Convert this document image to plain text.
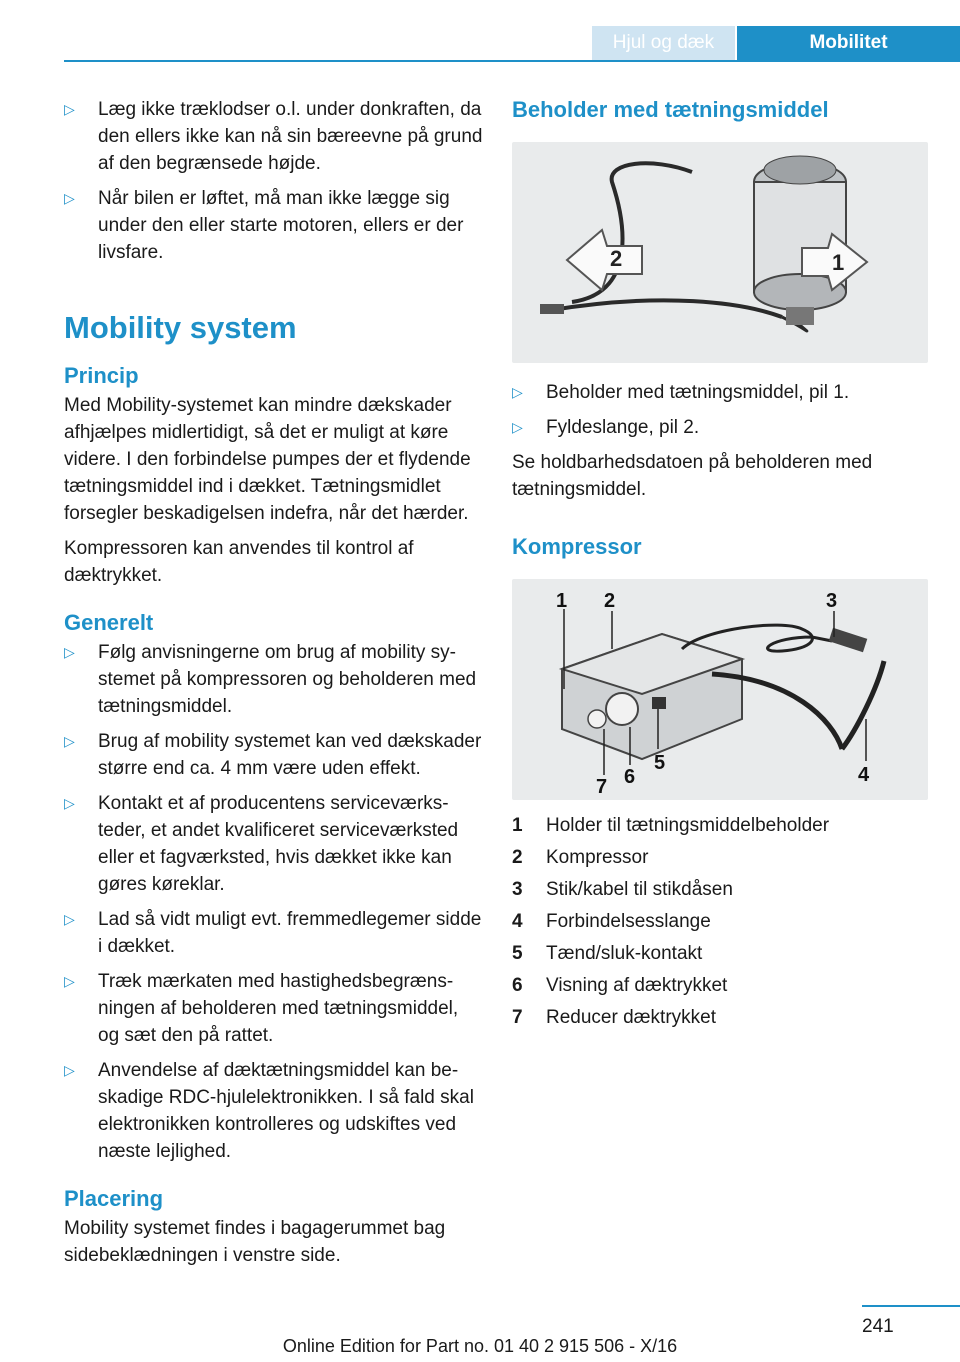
Hjul og dæk	Mobilitet
▷
Læg ikke træklodser o.l. under donkraften, da den ellers ikke kan nå sin bæreevne på grund af den begrænsede højde.
▷
Når bilen er løftet, må man ikke lægge sig under den eller starte motoren, ellers er der livsfare.
Mobility system
Princip

Med Mobility-systemet kan mindre dækskader afhjælpes midlertidigt, så det er muligt at køre videre. I den forbindelse pumpes der et flydende tætningsmiddel ind i dækket. Tætningsmidlet forsegler beskadigelsen indefra, når det hærder.

Kompressoren kan anvendes til kontrol af dæktrykket.

Generelt
▷
Følg anvisningerne om brug af mobility systemet på kompressoren og beholderen med tætningsmiddel.
▷
Brug af mobility systemet kan ved dækskader større end ca. 4 mm være uden effekt.
▷
Kontakt et af producentens serviceværksteder, et andet kvalificeret serviceværksted eller et fagværksted, hvis dækket ikke kan gøres køreklar.
▷
Lad så vidt muligt evt. fremmedlegemer sidde i dækket.
▷
Træk mærkaten med hastighedsbegrænsningen af beholderen med tætningsmiddel, og sæt den på rattet.
▷
Anvendelse af dæktætningsmiddel kan beskadige RDC-hjulelektronikken. I så fald skal elektronikken kontrolleres og udskiftes ved næste lejlighed.
Placering

Mobility systemet findes i bagagerummet bag sidebeklædningen i venstre side.

Beholder med tætningsmiddel
2	1
▷
Beholder med tætningsmiddel, pil 1.
▷
Fyldeslange, pil 2.

Se holdbarhedsdatoen på beholderen med tætningsmiddel.

Kompressor
1 2	3
4
5
6
7
1 Holder til tætningsmiddelbeholder
2 Kompressor
3 Stik/kabel til stikdåsen
4 Forbindelsesslange
5 Tænd/sluk-kontakt
6 Visning af dæktrykket
7 Reducer dæktrykket
241
Online Edition for Part no. 01 40 2 915 506 - X/16
